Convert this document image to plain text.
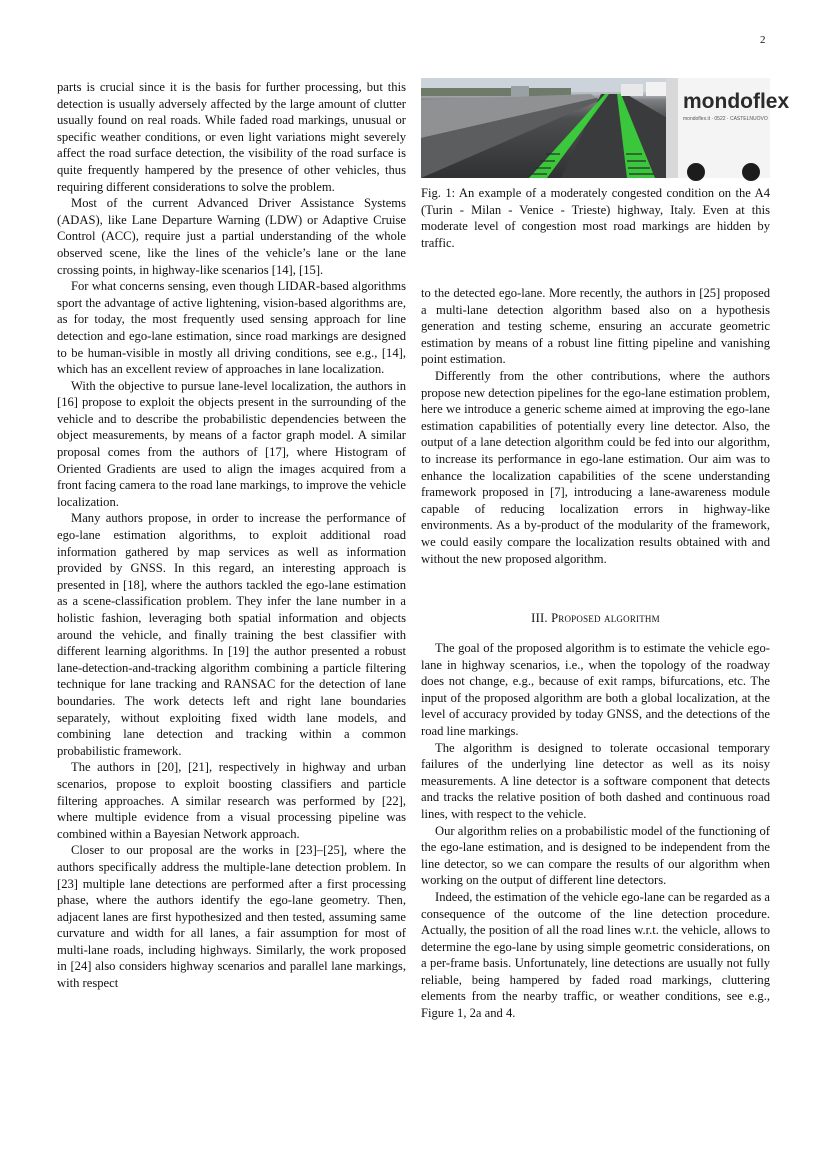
2

parts is crucial since it is the basis for further processing, but this detection is usually adversely affected by the large amount of clutter usually found on real roads. While faded road markings, unusual or specific weather conditions, or even light variations might severely affect the road surface detection, the visibility of the road surface is quite frequently hampered by the presence of other vehicles, thus requiring different considerations to solve the problem.

Most of the current Advanced Driver Assistance Systems (ADAS), like Lane Departure Warning (LDW) or Adaptive Cruise Control (ACC), require just a partial understanding of the whole observed scene, like the lines of the vehicle’s lane or the lane crossing points, in highway-like scenarios [14], [15].

For what concerns sensing, even though LIDAR-based algorithms sport the advantage of active lightening, vision-based algorithms are, as for today, the most frequently used sensing approach for line detection and ego-lane estimation, since road markings are designed to be human-visible in mostly all driving conditions, see e.g., [14], which has an excellent review of approaches in lane localization.

With the objective to pursue lane-level localization, the authors in [16] propose to exploit the objects present in the surrounding of the vehicle and to describe the probabilistic dependencies between the object measurements, by means of a factor graph model. A similar proposal comes from the authors of [17], where Histogram of Oriented Gradients are used to align the images acquired from a front facing camera to the road lane markings, to improve the vehicle localization.

Many authors propose, in order to increase the performance of ego-lane estimation algorithms, to exploit additional road information gathered by map services as well as information provided by GNSS. In this regard, an interesting approach is presented in [18], where the authors tackled the ego-lane estimation as a scene-classification problem. They infer the lane number in a holistic fashion, leveraging both spatial information and objects around the vehicle, and finally training the best classifier with different learning algorithms. In [19] the author presented a robust lane-detection-and-tracking algorithm combining a particle filtering technique for lane tracking and RANSAC for the detection of lane boundaries. The work detects left and right lane boundaries separately, without exploiting fixed width lane models, and combining lane detection and tracking within a common probabilistic framework.

The authors in [20], [21], respectively in highway and urban scenarios, propose to exploit boosting classifiers and particle filtering approaches. A similar research was performed by [22], where multiple evidence from a visual processing pipeline was combined within a Bayesian Network approach.

Closer to our proposal are the works in [23]–[25], where the authors specifically address the multiple-lane detection problem. In [23] multiple lane detections are performed after a first processing phase, where the authors identify the ego-lane geometry. Then, adjacent lanes are first hypothesized and then tested, assuming same curvature and width for all lanes, a fair assumption for most of multi-lane roads, including highways. Similarly, the work proposed in [24] also considers highway scenarios and parallel lane markings, with respect

mondoflex
mondoflex.it · 0522 · CASTELNUOVO
Fig. 1: An example of a moderately congested condition on the A4 (Turin - Milan - Venice - Trieste) highway, Italy. Even at this moderate level of congestion most road markings are hidden by traffic.

to the detected ego-lane. More recently, the authors in [25] proposed a multi-lane detection algorithm based also on a hypothesis generation and testing scheme, ensuring an accurate geometric estimation by means of a robust line fitting pipeline and vanishing point estimation.

Differently from the other contributions, where the authors propose new detection pipelines for the ego-lane estimation problem, here we introduce a generic scheme aimed at improving the ego-lane estimation capabilities of potentially every line detector. Also, the output of a lane detection algorithm could be fed into our algorithm, to increase its performance in ego-lane estimation. Our aim was to enhance the localization capabilities of the scene understanding framework proposed in [7], introducing a lane-awareness module capable of reducing localization errors in highway-like environments. As a by-product of the modularity of the framework, we could easily compare the localization results obtained with and without the new proposed algorithm.

III. Proposed algorithm

The goal of the proposed algorithm is to estimate the vehicle ego-lane in highway scenarios, i.e., when the topology of the roadway does not change, e.g., because of exit ramps, bifurcations, etc. The input of the proposed algorithm are both a global localization, at the level of accuracy provided by today GNSS, and the detections of the road line markings.

The algorithm is designed to tolerate occasional temporary failures of the underlying line detector as well as its noisy measurements. A line detector is a software component that detects and tracks the relative position of both dashed and continuous road lines, with respect to the vehicle.

Our algorithm relies on a probabilistic model of the functioning of the ego-lane estimation, and is designed to be independent from the line detector, so we can compare the results of our algorithm when working on the output of different line detectors.

Indeed, the estimation of the vehicle ego-lane can be regarded as a consequence of the outcome of the line detection procedure. Actually, the position of all the road lines w.r.t. the vehicle, allows to determine the ego-lane by using simple geometric considerations, on a per-frame basis. Unfortunately, line detections are usually not fully reliable, being hampered by faded road markings, cluttering elements from the nearby traffic, or weather conditions, see e.g., Figure 1, 2a and 4.
